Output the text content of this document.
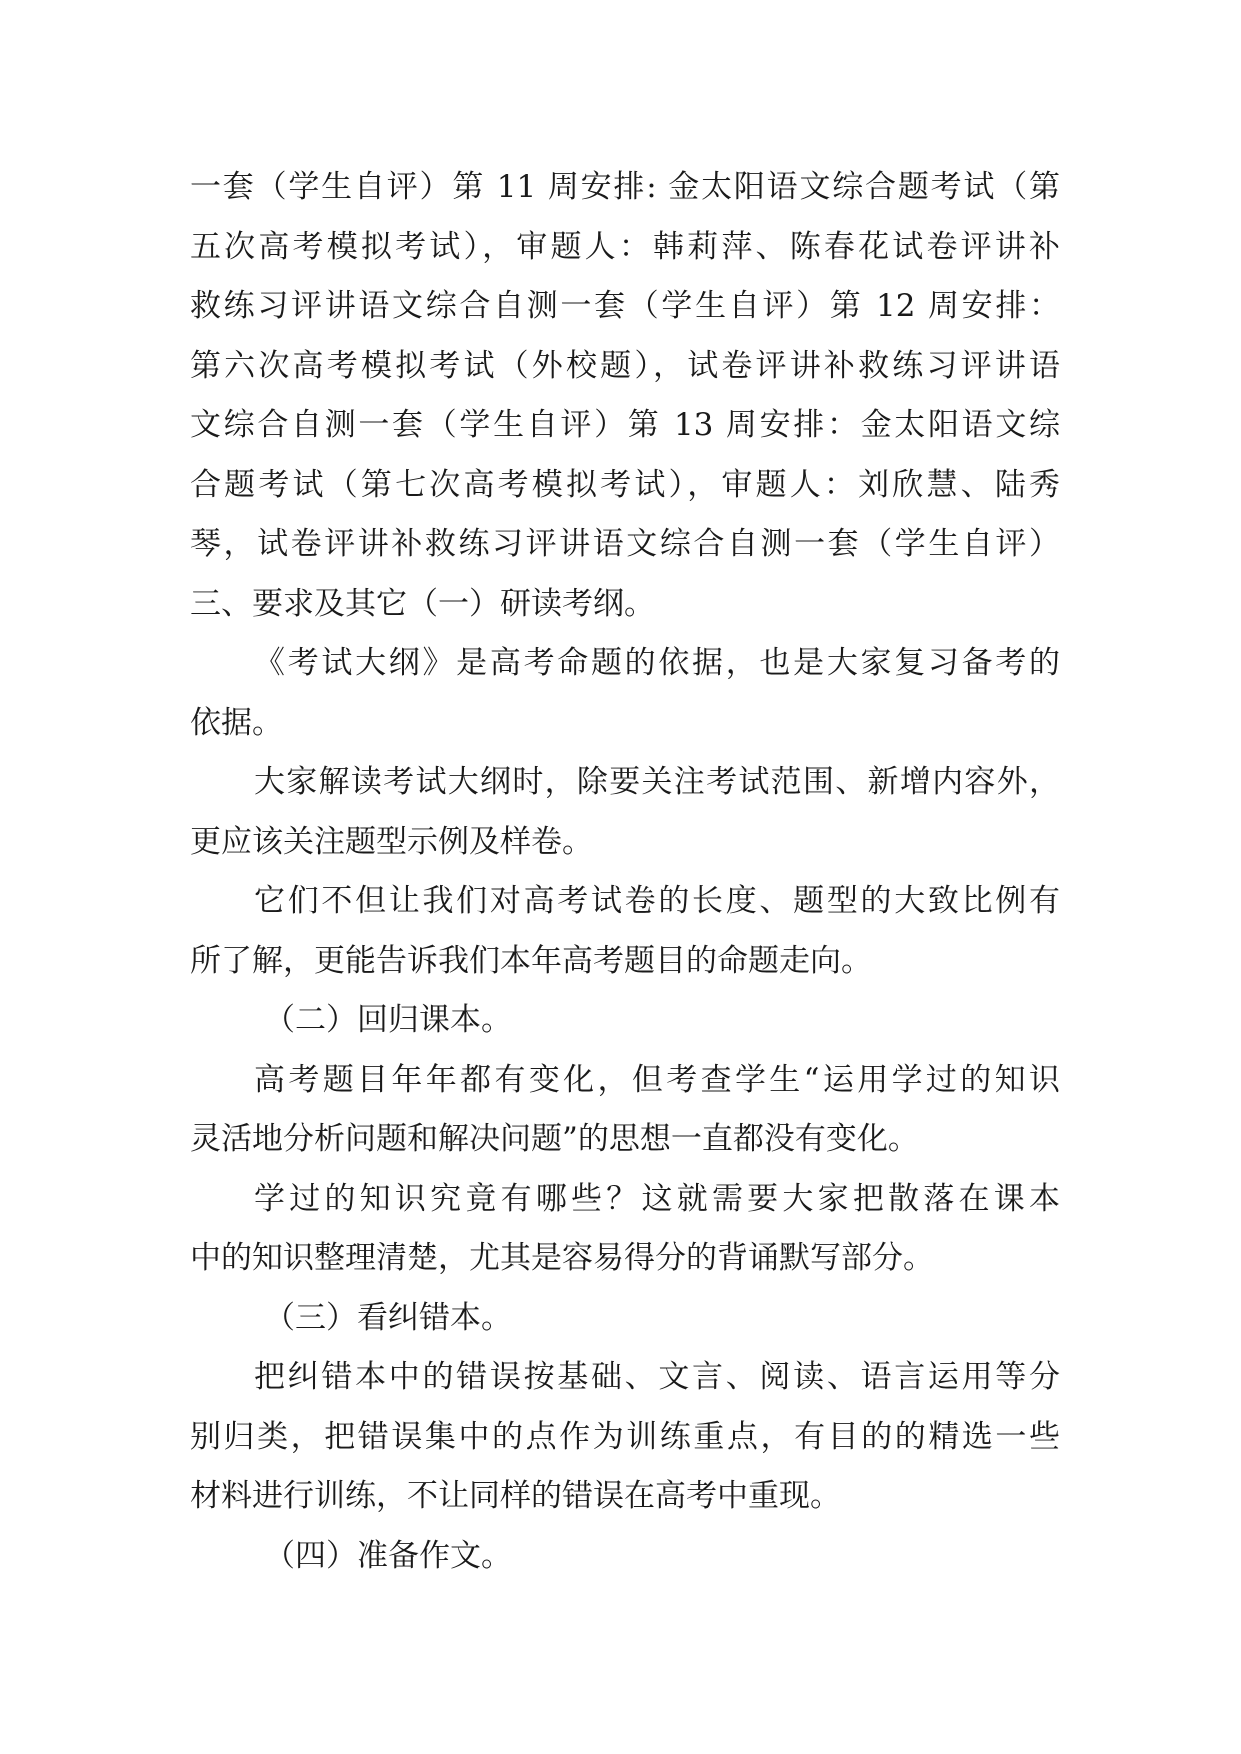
一套（学生自评）第 11 周安排: 金太阳语文综合题考试（第
五次高考模拟考试），审题人：韩莉萍、陈春花试卷评讲补
救练习评讲语文综合自测一套（学生自评）第 12 周安排：
第六次高考模拟考试（外校题），试卷评讲补救练习评讲语
文综合自测一套（学生自评）第 13 周安排：金太阳语文综
合题考试（第七次高考模拟考试），审题人：刘欣慧、陆秀
琴，试卷评讲补救练习评讲语文综合自测一套（学生自评）
三、要求及其它（一）研读考纲。
《考试大纲》是高考命题的依据，也是大家复习备考的
依据。
大家解读考试大纲时，除要关注考试范围、新增内容外，
更应该关注题型示例及样卷。
它们不但让我们对高考试卷的长度、题型的大致比例有
所了解，更能告诉我们本年高考题目的命题走向。
（二）回归课本。
高考题目年年都有变化，但考查学生“运用学过的知识
灵活地分析问题和解决问题”的思想一直都没有变化。
学过的知识究竟有哪些？这就需要大家把散落在课本
中的知识整理清楚，尤其是容易得分的背诵默写部分。
（三）看纠错本。
把纠错本中的错误按基础、文言、阅读、语言运用等分
别归类，把错误集中的点作为训练重点，有目的的精选一些
材料进行训练，不让同样的错误在高考中重现。
（四）准备作文。
